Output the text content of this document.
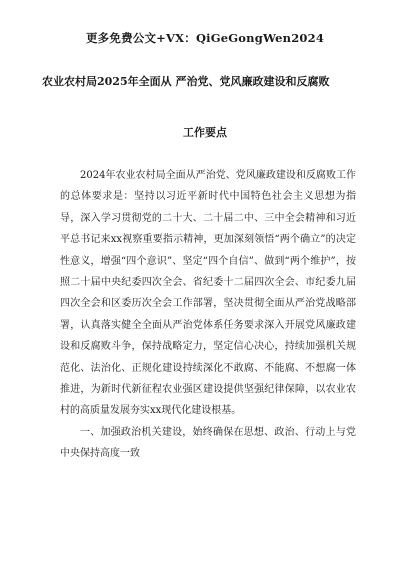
更多免费公文+VX：QiGeGongWen2024
农业农村局2025年全面从 严治党、党风廉政建设和反腐败
工作要点

2024年农业农村局全面从严治党、党风廉政建设和反腐败工作的总体要求是：坚持以习近平新时代中国特色社会主义思想为指导，深入学习贯彻党的二十大、二十届二中、三中全会精神和习近平总书记来xx视察重要指示精神，更加深刻领悟“两个确立”的决定性意义，增强“四个意识”、坚定“四个自信”、做到“两个维护”，按照二十届中央纪委四次全会、省纪委十二届四次全会、市纪委九届四次全会和区委历次全会工作部署，坚决贯彻全面从严治党战略部署，认真落实健全全面从严治党体系任务要求深入开展党风廉政建设和反腐败斗争，保持战略定力，坚定信心决心，持续加强机关规范化、法治化、正规化建设持续深化不敢腐、不能腐、不想腐一体推进，为新时代新征程农业强区建设提供坚强纪律保障，以农业农村的高质量发展夯实xx现代化建设根基。

一、加强政治机关建设，始终确保在思想、政治、行动上与党中央保持高度一致
